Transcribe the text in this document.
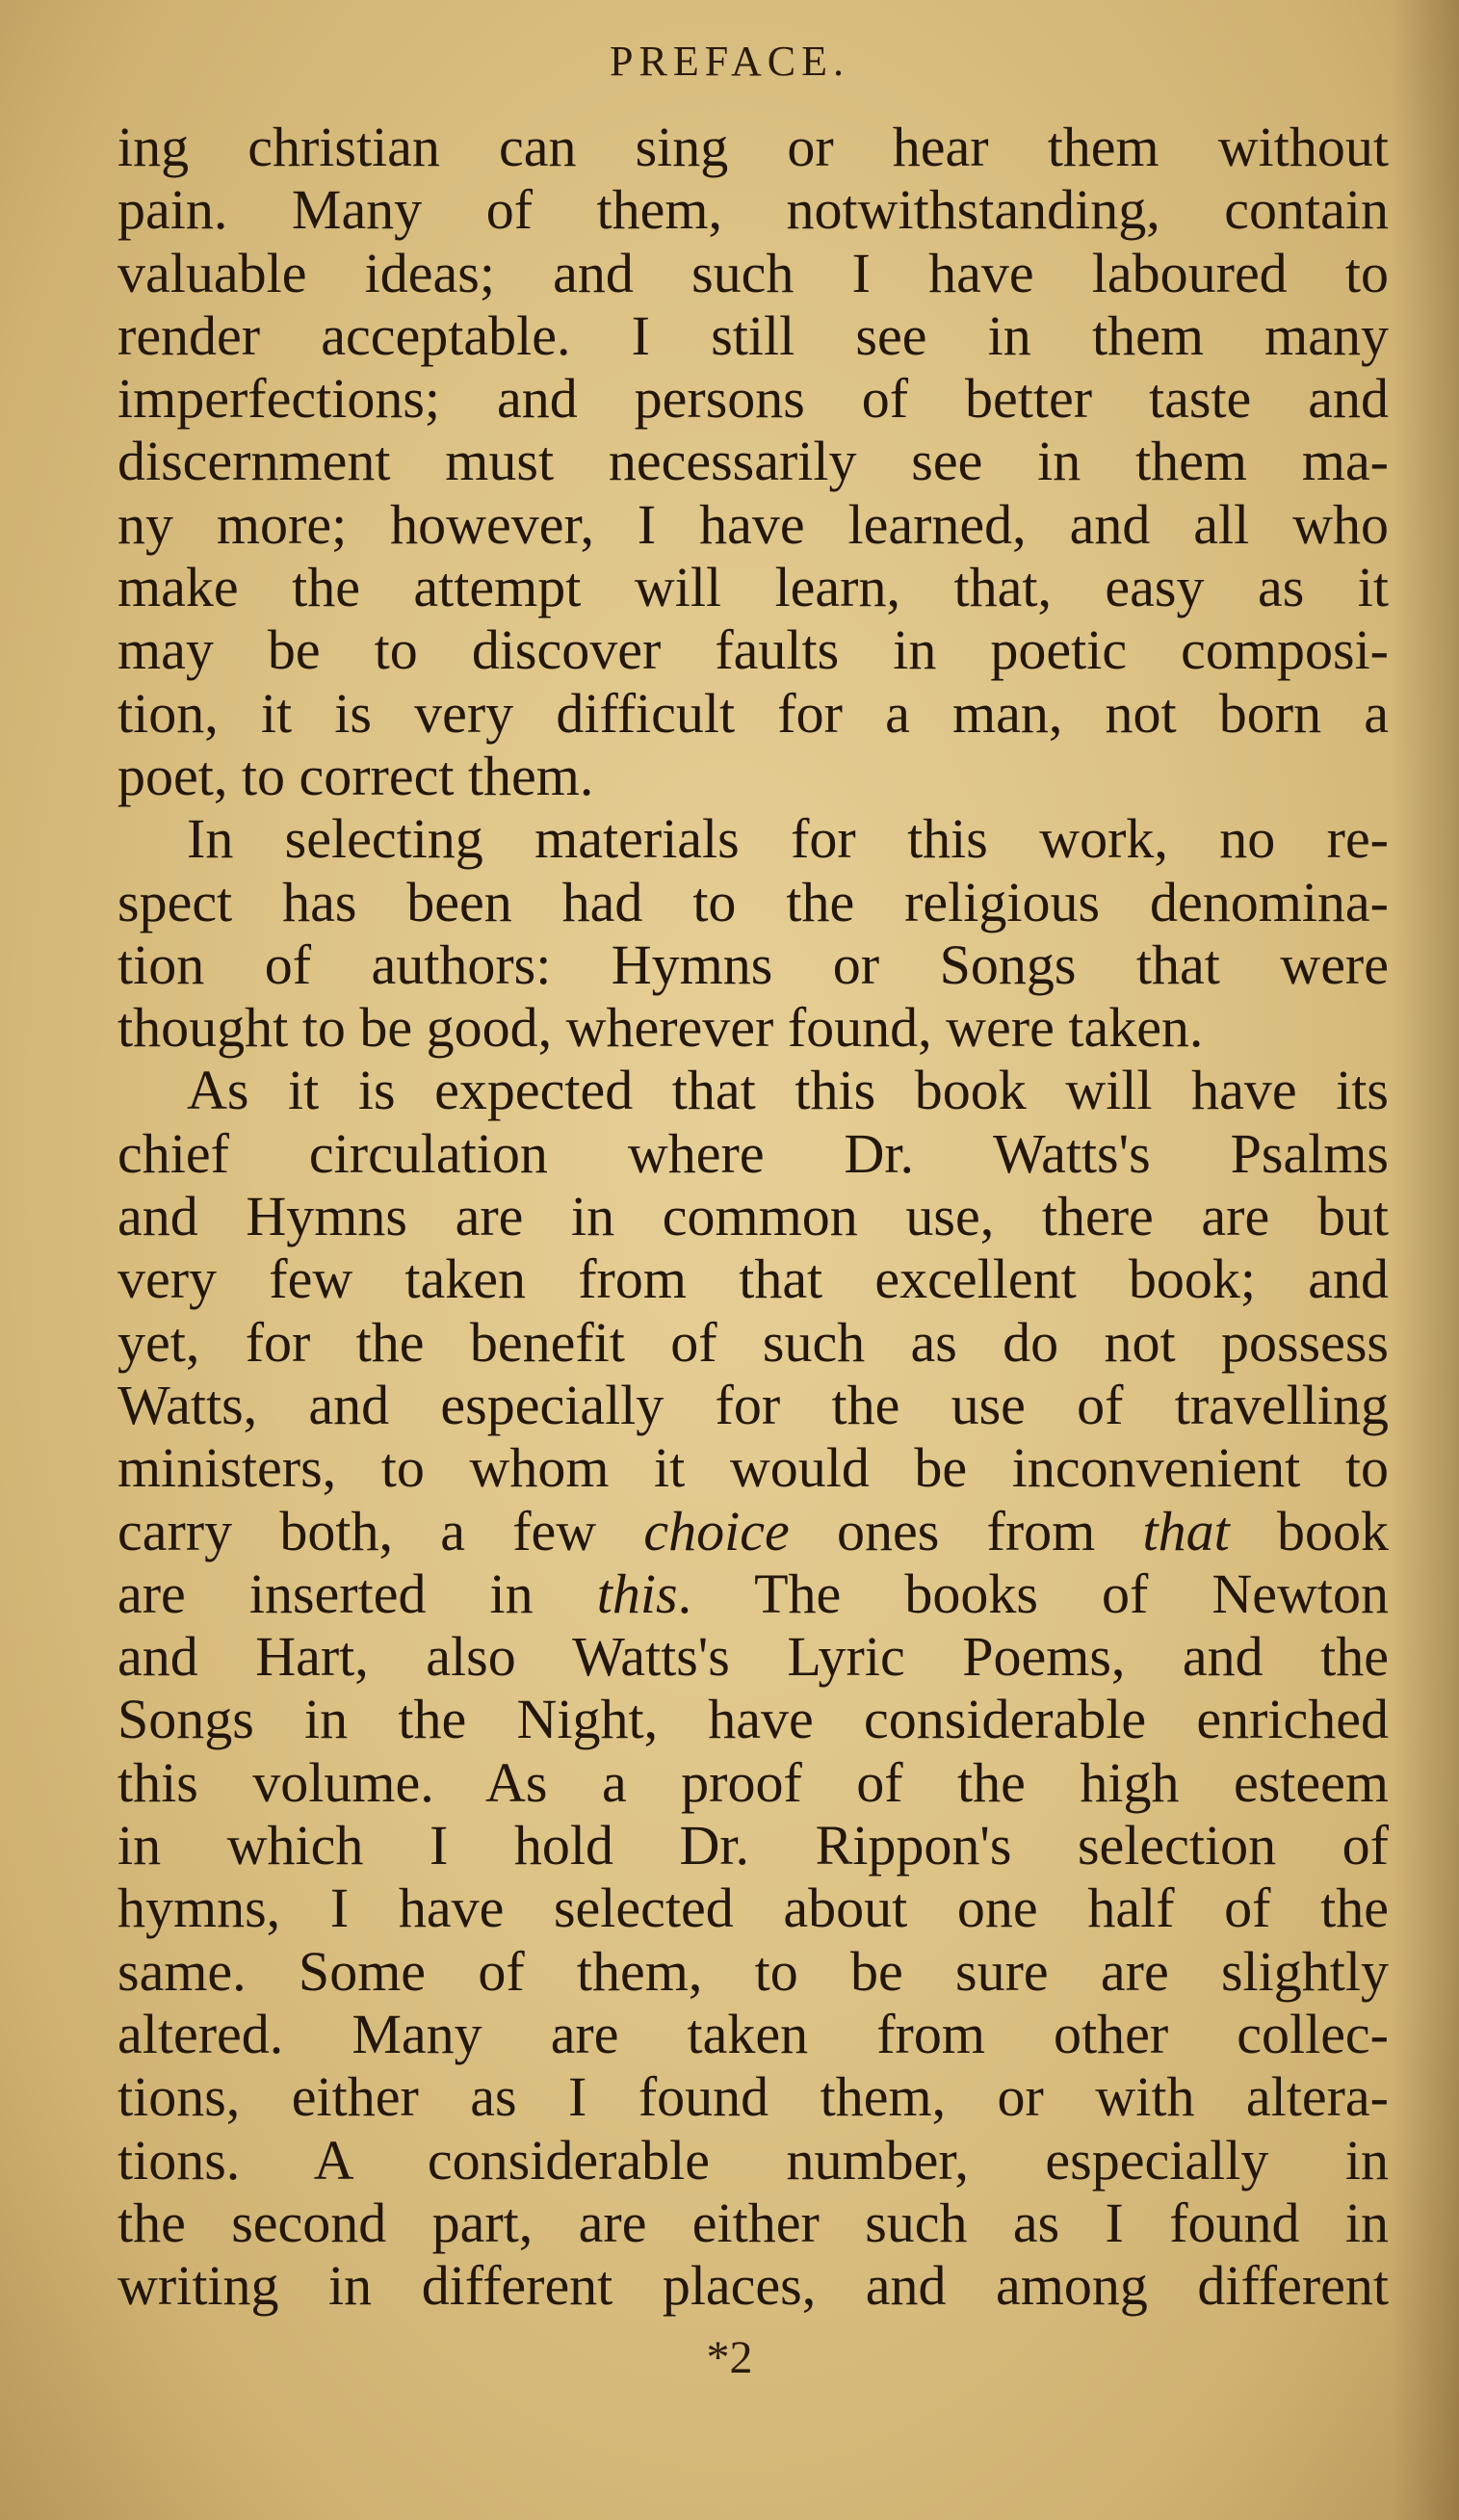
PREFACE.
ing christian can sing or hear them without
pain. Many of them, notwithstanding, contain
valuable ideas; and such I have laboured to
render acceptable. I still see in them many
imperfections; and persons of better taste and
discernment must necessarily see in them ma-
ny more; however, I have learned, and all who
make the attempt will learn, that, easy as it
may be to discover faults in poetic composi-
tion, it is very difficult for a man, not born a
poet, to correct them.
In selecting materials for this work, no re-
spect has been had to the religious denomina-
tion of authors: Hymns or Songs that were
thought to be good, wherever found, were taken.
As it is expected that this book will have its
chief circulation where Dr. Watts's Psalms
and Hymns are in common use, there are but
very few taken from that excellent book; and
yet, for the benefit of such as do not possess
Watts, and especially for the use of travelling
ministers, to whom it would be inconvenient to
carry both, a few choice ones from that book
are inserted in this. The books of Newton
and Hart, also Watts's Lyric Poems, and the
Songs in the Night, have considerable enriched
this volume. As a proof of the high esteem
in which I hold Dr. Rippon's selection of
hymns, I have selected about one half of the
same. Some of them, to be sure are slightly
altered. Many are taken from other collec-
tions, either as I found them, or with altera-
tions. A considerable number, especially in
the second part, are either such as I found in
writing in different places, and among different
*2
